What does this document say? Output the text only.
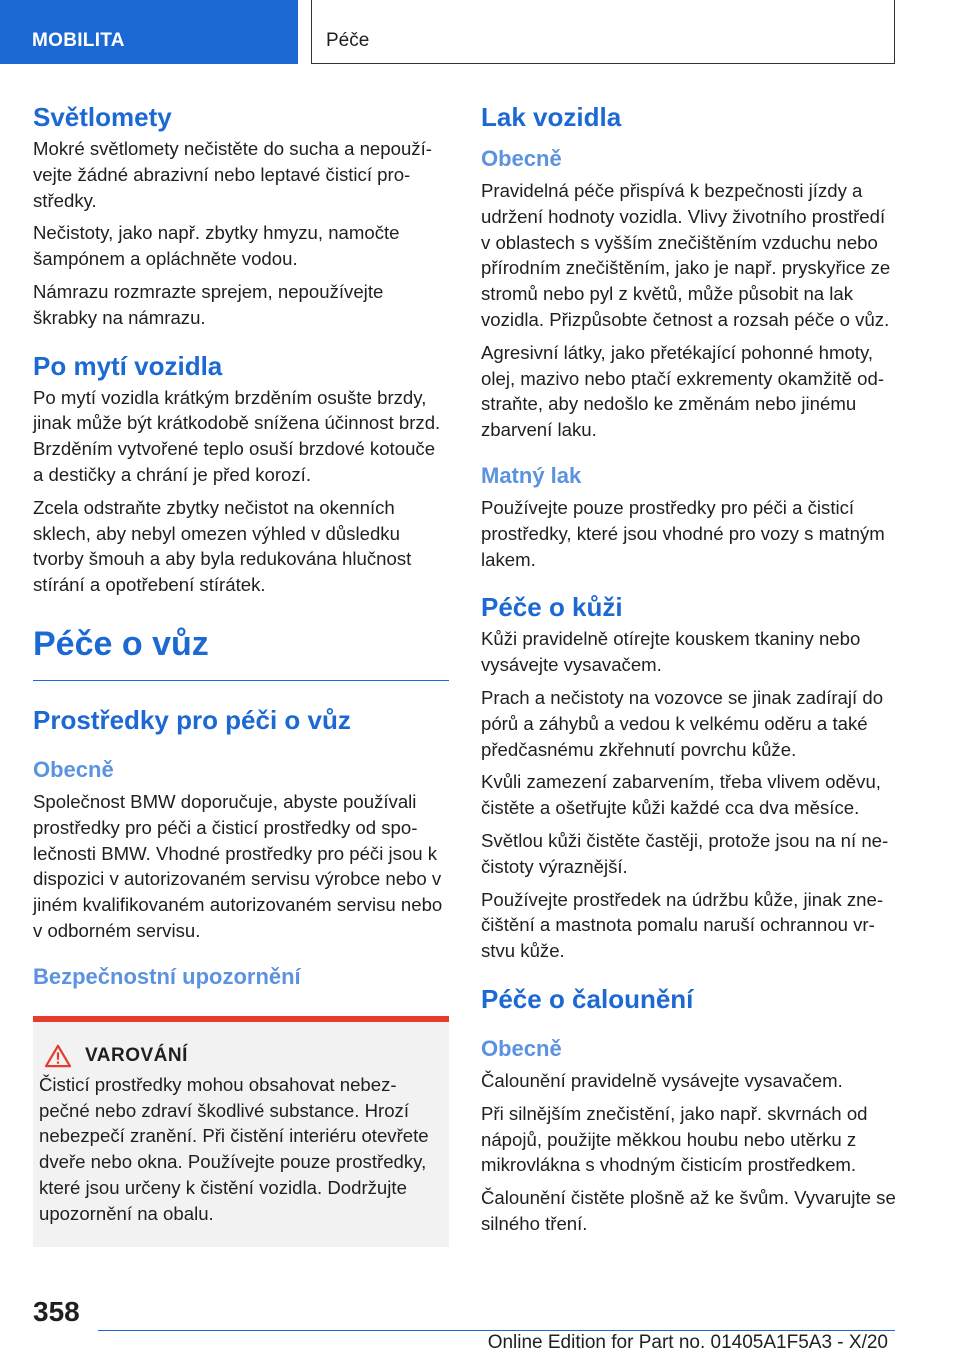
MOBILITA	Péče
Světlomety

Mokré světlomety nečistěte do sucha a nepouží-vejte žádné abrazivní nebo leptavé čisticí pro-středky.

Nečistoty, jako např. zbytky hmyzu, namočte šampónem a opláchněte vodou.

Námrazu rozmrazte sprejem, nepoužívejte škrabky na námrazu.

Po mytí vozidla

Po mytí vozidla krátkým brzděním osušte brzdy, jinak může být krátkodobě snížena účinnost brzd. Brzděním vytvořené teplo osuší brzdové kotouče a destičky a chrání je před korozí.

Zcela odstraňte zbytky nečistot na okenních sklech, aby nebyl omezen výhled v důsledku tvorby šmouh a aby byla redukována hlučnost stírání a opotřebení stírátek.

Péče o vůz
Prostředky pro péči o vůz
Obecně

Společnost BMW doporučuje, abyste používali prostředky pro péči a čisticí prostředky od spo-lečnosti BMW. Vhodné prostředky pro péči jsou k dispozici v autorizovaném servisu výrobce nebo v jiném kvalifikovaném autorizovaném servisu nebo v odborném servisu.

Bezpečnostní upozornění
VAROVÁNÍ

Čisticí prostředky mohou obsahovat nebez-pečné nebo zdraví škodlivé substance. Hrozí nebezpečí zranění. Při čistění interiéru otevřete dveře nebo okna. Používejte pouze prostředky, které jsou určeny k čistění vozidla. Dodržujte upozornění na obalu.

Lak vozidla
Obecně

Pravidelná péče přispívá k bezpečnosti jízdy a udržení hodnoty vozidla. Vlivy životního prostředí v oblastech s vyšším znečištěním vzduchu nebo přírodním znečištěním, jako je např. pryskyřice ze stromů nebo pyl z květů, může působit na lak vozidla. Přizpůsobte četnost a rozsah péče o vůz.

Agresivní látky, jako přetékající pohonné hmoty, olej, mazivo nebo ptačí exkrementy okamžitě od-straňte, aby nedošlo ke změnám nebo jinému zbarvení laku.

Matný lak

Používejte pouze prostředky pro péči a čisticí prostředky, které jsou vhodné pro vozy s matným lakem.

Péče o kůži

Kůži pravidelně otírejte kouskem tkaniny nebo vysávejte vysavačem.

Prach a nečistoty na vozovce se jinak zadírají do pórů a záhybů a vedou k velkému oděru a také předčasnému zkřehnutí povrchu kůže.

Kvůli zamezení zabarvením, třeba vlivem oděvu, čistěte a ošetřujte kůži každé cca dva měsíce.

Světlou kůži čistěte častěji, protože jsou na ní ne-čistoty výraznější.

Používejte prostředek na údržbu kůže, jinak zne-čištění a mastnota pomalu naruší ochrannou vr-stvu kůže.

Péče o čalounění
Obecně

Čalounění pravidelně vysávejte vysavačem.

Při silnějším znečistění, jako např. skvrnách od nápojů, použijte měkkou houbu nebo utěrku z mikrovlákna s vhodným čisticím prostředkem.

Čalounění čistěte plošně až ke švům. Vyvarujte se silného tření.

358
Online Edition for Part no. 01405A1F5A3 - X/20
